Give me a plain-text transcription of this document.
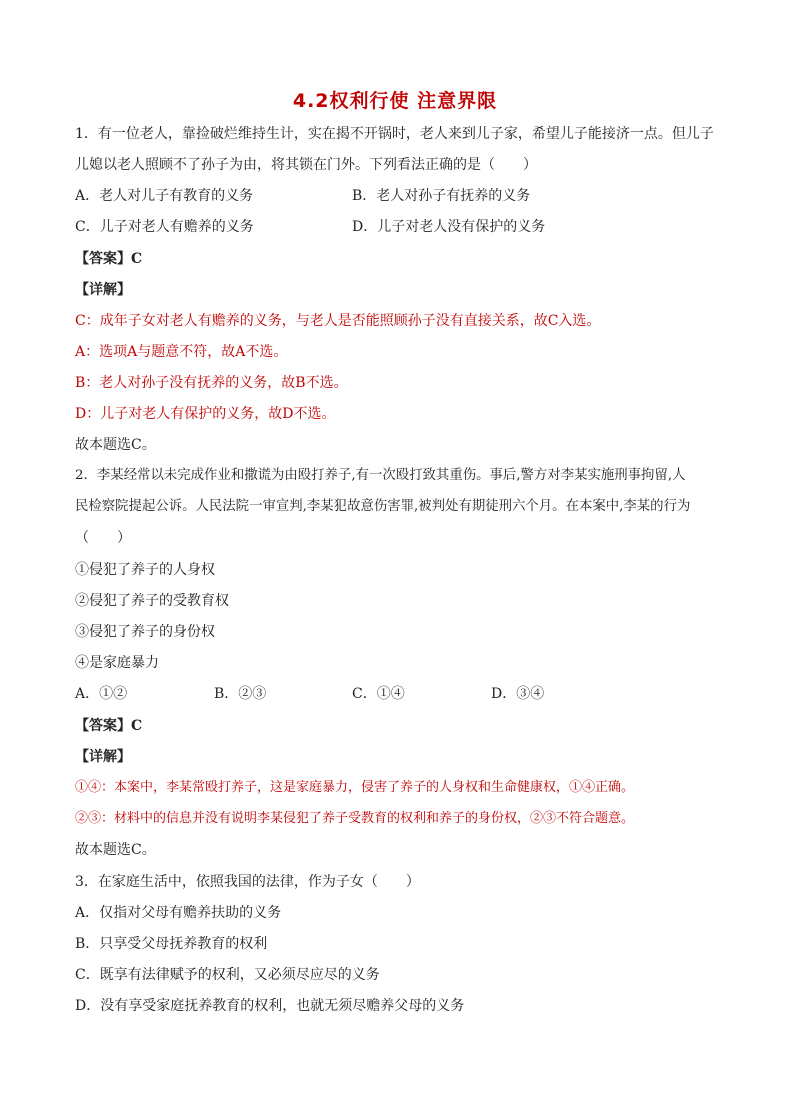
4.2权利行使 注意界限
1．有一位老人，靠捡破烂维持生计，实在揭不开锅时，老人来到儿子家，希望儿子能接济一点。但儿子
儿媳以老人照顾不了孙子为由，将其锁在门外。下列看法正确的是（　　）
A．老人对儿子有教育的义务	B．老人对孙子有抚养的义务
C．儿子对老人有赡养的义务	D．儿子对老人没有保护的义务
【答案】C
【详解】
C：成年子女对老人有赡养的义务，与老人是否能照顾孙子没有直接关系，故C入选。
A：选项A与题意不符，故A不选。
B：老人对孙子没有抚养的义务，故B不选。
D：儿子对老人有保护的义务，故D不选。
故本题选C。
2．李某经常以未完成作业和撒谎为由殴打养子,有一次殴打致其重伤。事后,警方对李某实施刑事拘留,人
民检察院提起公诉。人民法院一审宣判,李某犯故意伤害罪,被判处有期徒刑六个月。在本案中,李某的行为
（　　）
①侵犯了养子的人身权
②侵犯了养子的受教育权
③侵犯了养子的身份权
④是家庭暴力
A．①②	B．②③	C．①④	D．③④
【答案】C
【详解】
①④：本案中，李某常殴打养子，这是家庭暴力，侵害了养子的人身权和生命健康权，①④正确。
②③：材料中的信息并没有说明李某侵犯了养子受教育的权利和养子的身份权，②③不符合题意。
故本题选C。
3．在家庭生活中，依照我国的法律，作为子女（　　）
A．仅指对父母有赡养扶助的义务
B．只享受父母抚养教育的权利
C．既享有法律赋予的权利，又必须尽应尽的义务
D．没有享受家庭抚养教育的权利，也就无须尽赡养父母的义务
